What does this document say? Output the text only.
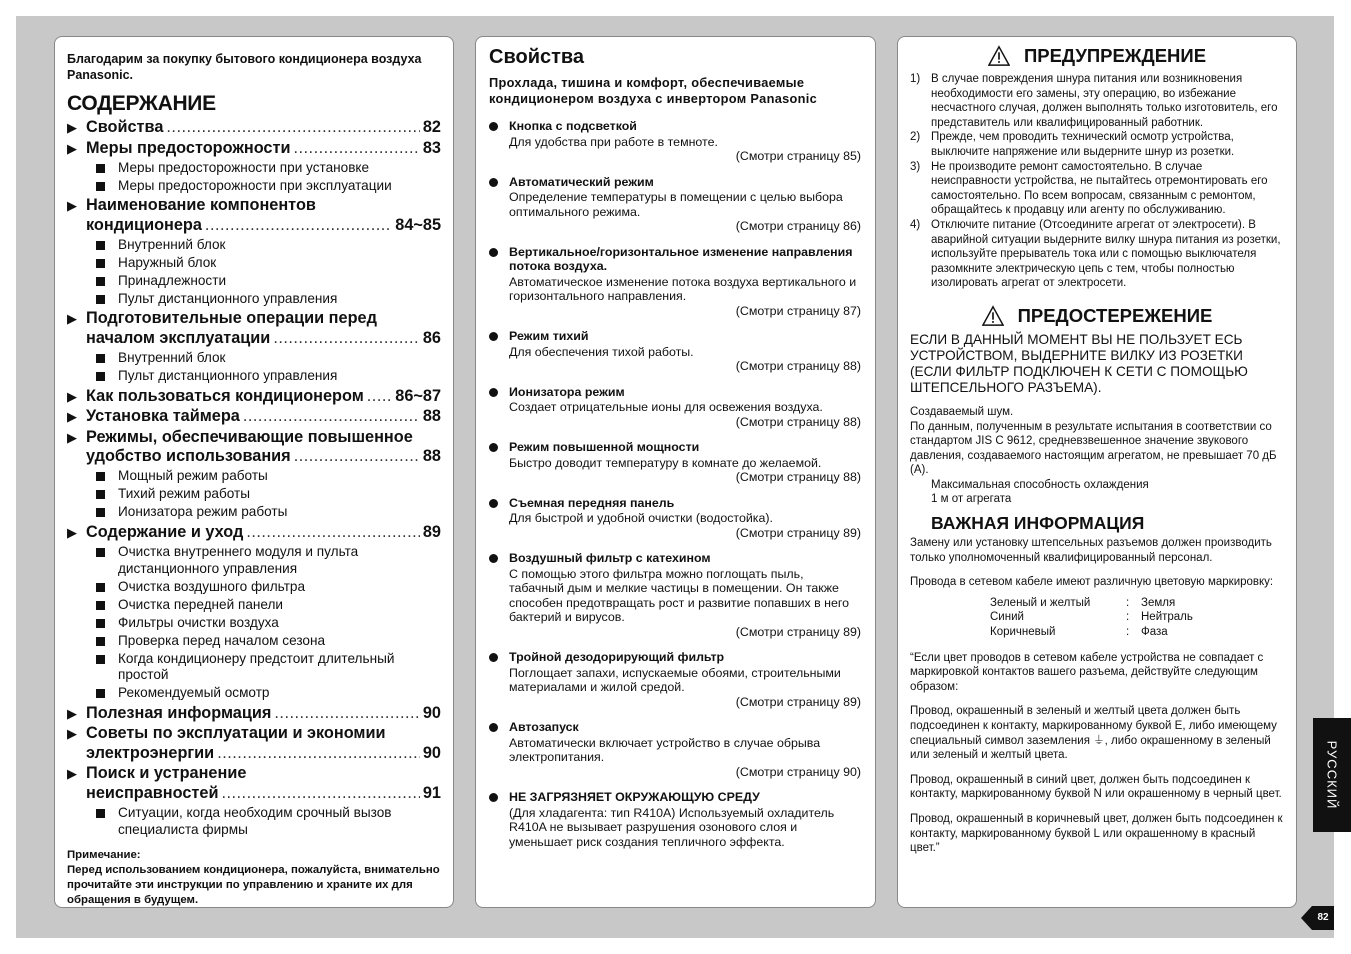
Благодарим за покупку бытового кондиционера воздуха Panasonic.

СОДЕРЖАНИЕ
▶ Свойства .....	82
▶ Меры предосторожности .....	83
Меры предосторожности при установке
Меры предосторожности при эксплуатации
▶ Наименование компонентов
кондиционера .....	84~85
Внутренний блок
Наружный блок
Принадлежности
Пульт дистанционного управления
▶ Подготовительные операции перед
началом эксплуатации .....	86
Внутренний блок
Пульт дистанционного управления
▶ Как пользоваться кондиционером ..... 86~87
▶ Установка таймера .....	88
▶ Режимы, обеспечивающие повышенное
удобство использования .....	88
Мощный режим работы
Тихий режим работы
Ионизатора режим работы
▶ Содержание и уход .....	89
Очистка внутреннего модуля и пульта дистанционного управления
Очистка воздушного фильтра
Очистка передней панели
Фильтры очистки воздуха
Проверка перед началом сезона
Когда кондиционеру предстоит длительный простой
Рекомендуемый осмотр
▶ Полезная информация .....	90
▶ Советы по эксплуатации и экономии
электроэнергии .....	90
▶ Поиск и устранение
неисправностей .....	91
Ситуации, когда необходим срочный вызов специалиста фирмы
Примечание:
Перед использованием кондиционера, пожалуйста, внимательно прочитайте эти инструкции по управлению и храните их для обращения в будущем.
Свойства
Прохлада, тишина и комфорт, обеспечиваемые кондиционером воздуха с инвертором Panasonic
Кнопка с подсветкой
Для удобства при работе в темноте.
(Смотри страницу 85)
Автоматический режим
Определение температуры в помещении с целью выбора оптимального режима.
(Смотри страницу 86)
Вертикальное/горизонтальное изменение направления потока воздуха.
Автоматическое изменение потока воздуха вертикального и горизонтального направления.
(Смотри страницу 87)
Режим тихий
Для обеспечения тихой работы.
(Смотри страницу 88)
Ионизатора режим
Создает отрицательные ионы для освежения воздуха.
(Смотри страницу 88)
Режим повышенной мощности
Быстро доводит температуру в комнате до желаемой.
(Смотри страницу 88)
Съемная передняя панель
Для быстрой и удобной очистки (водостойка).
(Смотри страницу 89)
Воздушный фильтр с катехином
С помощью этого фильтра можно поглощать пыль, табачный дым и мелкие частицы в помещении. Он также способен предотвращать рост и развитие попавших в него бактерий и вирусов.
(Смотри страницу 89)
Тройной дезодорирующий фильтр
Поглощает запахи, испускаемые обоями, строительными материалами и жилой средой.
(Смотри страницу 89)
Автозапуск
Автоматически включает устройство в случае обрыва электропитания.
(Смотри страницу 90)
НЕ ЗАГРЯЗНЯЕТ ОКРУЖАЮЩУЮ СРЕДУ
(Для хладагента: тип R410A) Используемый охладитель R410A не вызывает разрушения озонового слоя и уменьшает риск создания тепличного эффекта.
ПРЕДУПРЕЖДЕНИЕ
1) В случае повреждения шнура питания или возникновения необходимости его замены, эту операцию, во избежание несчастного случая, должен выполнять только изготовитель, его представитель или квалифицированный работник.
2) Прежде, чем проводить технический осмотр устройства, выключите напряжение или выдерните шнур из розетки.
3) Не производите ремонт самостоятельно. В случае неисправности устройства, не пытайтесь отремонтировать его самостоятельно. По всем вопросам, связанным с ремонтом, обращайтесь к продавцу или агенту по обслуживанию.
4) Отключите питание (Отсоедините агрегат от электросети). В аварийной ситуации выдерните вилку шнура питания из розетки, используйте прерыватель тока или с помощью выключателя разомкните электрическую цепь с тем, чтобы полностью изолировать агрегат от электросети.
ПРЕДОСТЕРЕЖЕНИЕ
ЕСЛИ В ДАННЫЙ МОМЕНТ ВЫ НЕ ПОЛЬЗУЕТ ЕСЬ УСТРОЙСТВОМ, ВЫДЕРНИТЕ ВИЛКУ ИЗ РОЗЕТКИ (ЕСЛИ ФИЛЬТР ПОДКЛЮЧЕН К СЕТИ С ПОМОЩЬЮ ШТЕПСЕЛЬНОГО РАЗЪЕМА).
Создаваемый шум.
По данным, полученным в результате испытания в соответствии со стандартом JIS C 9612, средневзвешенное значение звукового давления, создаваемого настоящим агрегатом, не превышает 70 дБ (А).
Максимальная способность охлаждения
1 м от агрегата
ВАЖНАЯ ИНФОРМАЦИЯ
Замену или установку штепсельных разъемов должен производить только уполномоченный квалифицированный персонал.
Провода в сетевом кабеле имеют различную цветовую маркировку:
Зеленый и желтый	:	Земля
Синий	:	Нейтраль
Коричневый	:	Фаза
“Если цвет проводов в сетевом кабеле устройства не совпадает с маркировкой контактов вашего разъема, действуйте следующим образом:
Провод, окрашенный в зеленый и желтый цвета должен быть подсоединен к контакту, маркированному буквой E, либо имеющему специальный символ заземления ⏚, либо окрашенному в зеленый или зеленый и желтый цвета.
Провод, окрашенный в синий цвет, должен быть подсоединен к контакту, маркированному буквой N или окрашенному в черный цвет.
Провод, окрашенный в коричневый цвет, должен быть подсоединен к контакту, маркированному буквой L или окрашенному в красный цвет.”
РУССКИЙ
82
